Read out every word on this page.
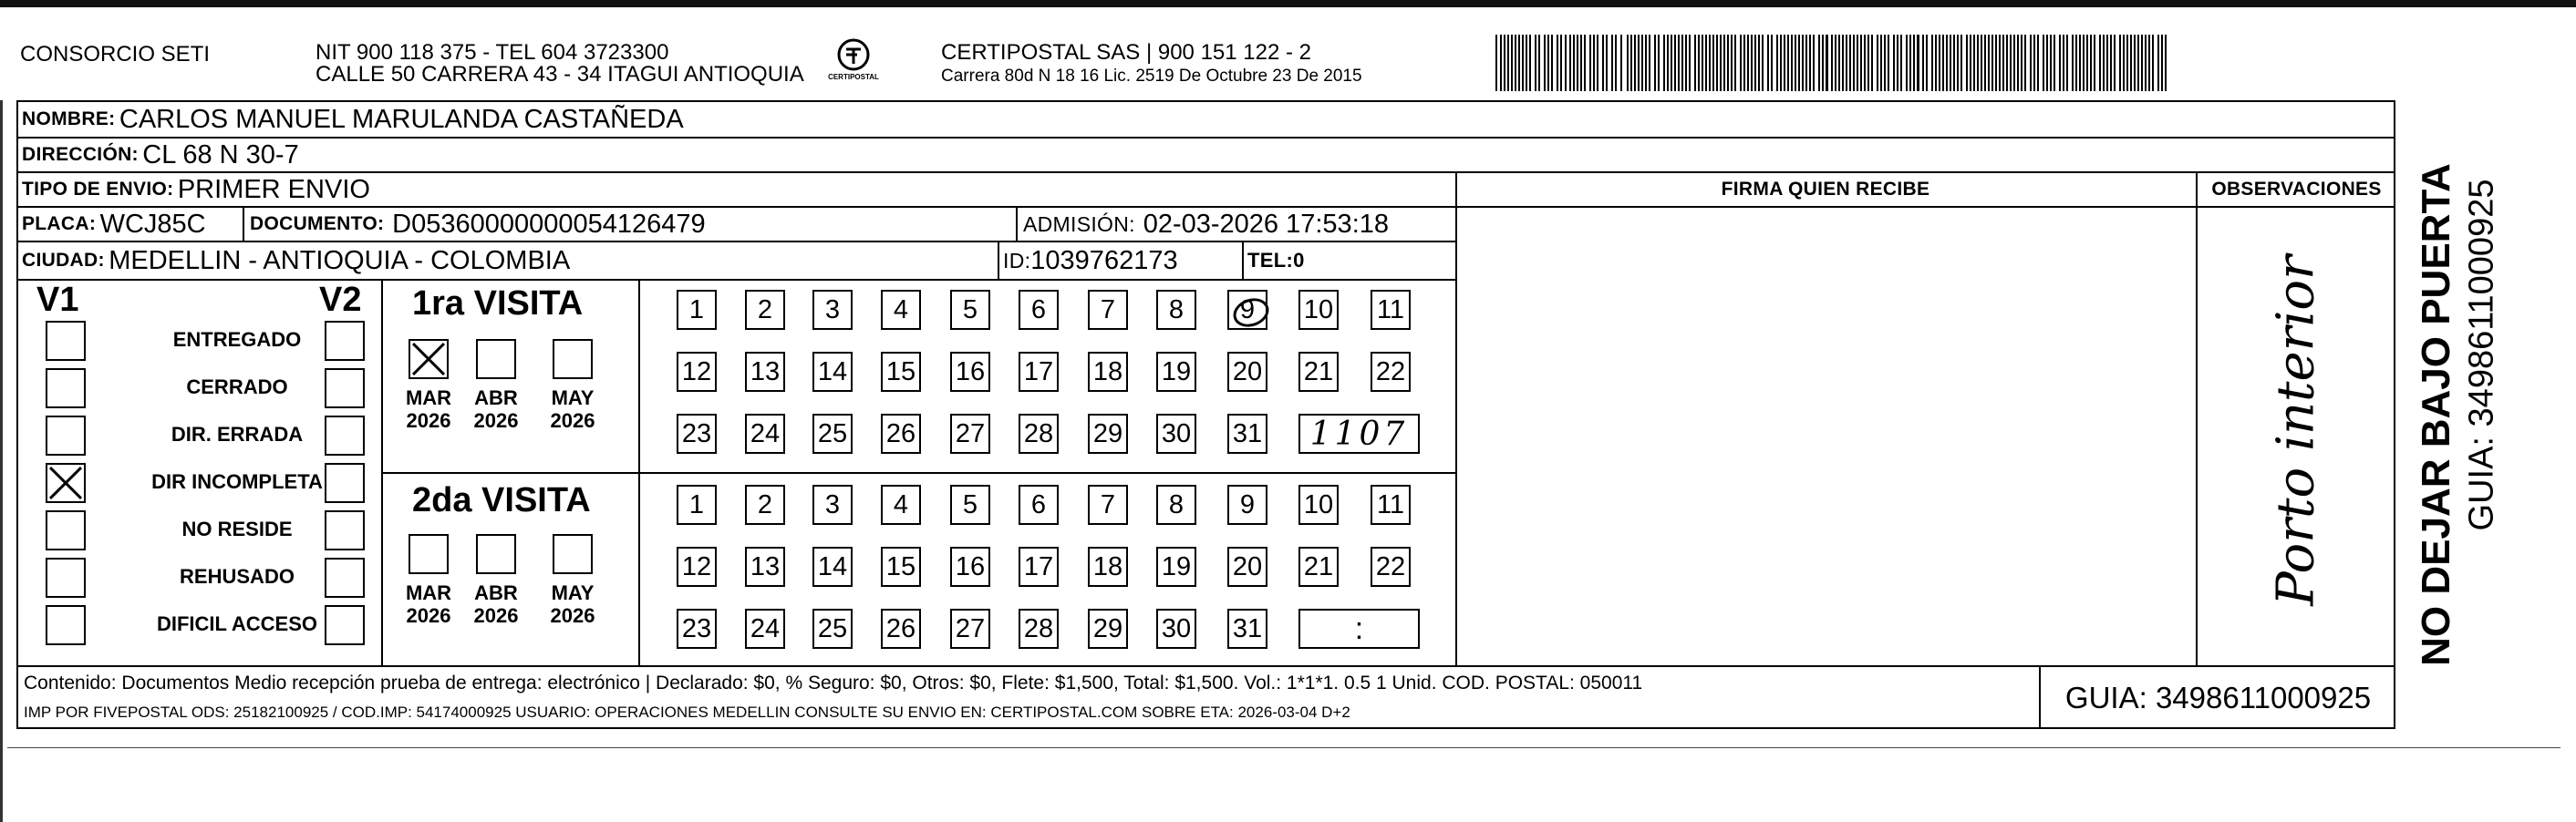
CONSORCIO SETI	NIT 900 118 375 - TEL 604 3723300
CALLE 50 CARRERA 43 - 34 ITAGUI ANTIOQUIA	CERTIPOSTAL
CERTIPOSTAL SAS | 900 151 122 - 2
Carrera 80d N 18 16 Lic. 2519 De Octubre 23 De 2015
NOMBRE:
CARLOS MANUEL MARULANDA CASTAÑEDA
DIRECCIÓN:
CL 68 N 30-7
TIPO DE ENVIO:
PRIMER ENVIO	FIRMA QUIEN RECIBE	OBSERVACIONES
PLACA:
WCJ85C DOCUMENTO:
D05360000000054126479	ADMISIÓN:
02-03-2026 17:53:18
CIUDAD:
MEDELLIN - ANTIOQUIA - COLOMBIA	ID: 1039762173	TEL: 0
V1	V2
ENTREGADO
CERRADO
DIR. ERRADA
DIR INCOMPLETA
NO RESIDE
REHUSADO
DIFICIL ACCESO
1ra VISITA
2da VISITA
MAR
2026
ABR
2026
MAY
2026
1 2 3 4 5 6 7 8 9 10 11
12 13 14 15 16 17 18 19 20 21 22
23 24 25 26 27 28 29 30 31 1107
MAR
2026
ABR
2026
MAY
2026
1 2 3 4 5 6 7 8 9 10 11
12 13 14 15 16 17 18 19 20 21 22
23 24 25 26 27 28 29 30 31	:
Porto interior
Contenido: Documentos Medio recepción prueba de entrega: electrónico | Declarado: $0, % Seguro: $0, Otros: $0, Flete: $1,500, Total: $1,500. Vol.: 1*1*1. 0.5 1 Unid. COD. POSTAL: 050011
IMP POR FIVEPOSTAL ODS: 25182100925 / COD.IMP: 54174000925 USUARIO: OPERACIONES MEDELLIN CONSULTE SU ENVIO EN: CERTIPOSTAL.COM SOBRE ETA: 2026-03-04 D+2	GUIA: 3498611000925
NO DEJAR BAJO PUERTA GUIA: 3498611000925
